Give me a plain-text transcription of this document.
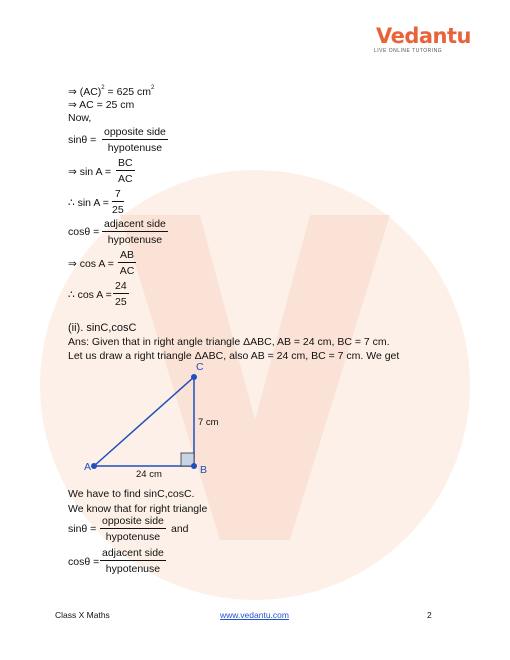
Vedantu
LIVE ONLINE TUTORING
⇒ (AC)$^2$ = 625 $cm^2$
⇒ AC = 25 cm
Now,
sinθ =
opposite side
hypotenuse
⇒ $\sin A = \frac{BC}{AC}$
∴ $\sin A = \frac{7}{25}$
cosθ =
adjacent side
hypotenuse
⇒ $\cos A = \frac{AB}{AC}$
∴ $\cos A = \frac{24}{25}$
(ii). sinC,cosC
Ans: Given that in right angle triangle ΔABC, AB = 24 cm, BC = 7 cm.
Let us draw a right triangle ΔABC, also AB = 24 cm, BC = 7 cm. We get
C
A	B
7 cm
24 cm
We have to find sinC,cosC.
We know that for right triangle
sinθ =
opposite side
hypotenuse
and
cosθ =
adjacent side
hypotenuse
Class X Maths	www.vedantu.com	2
